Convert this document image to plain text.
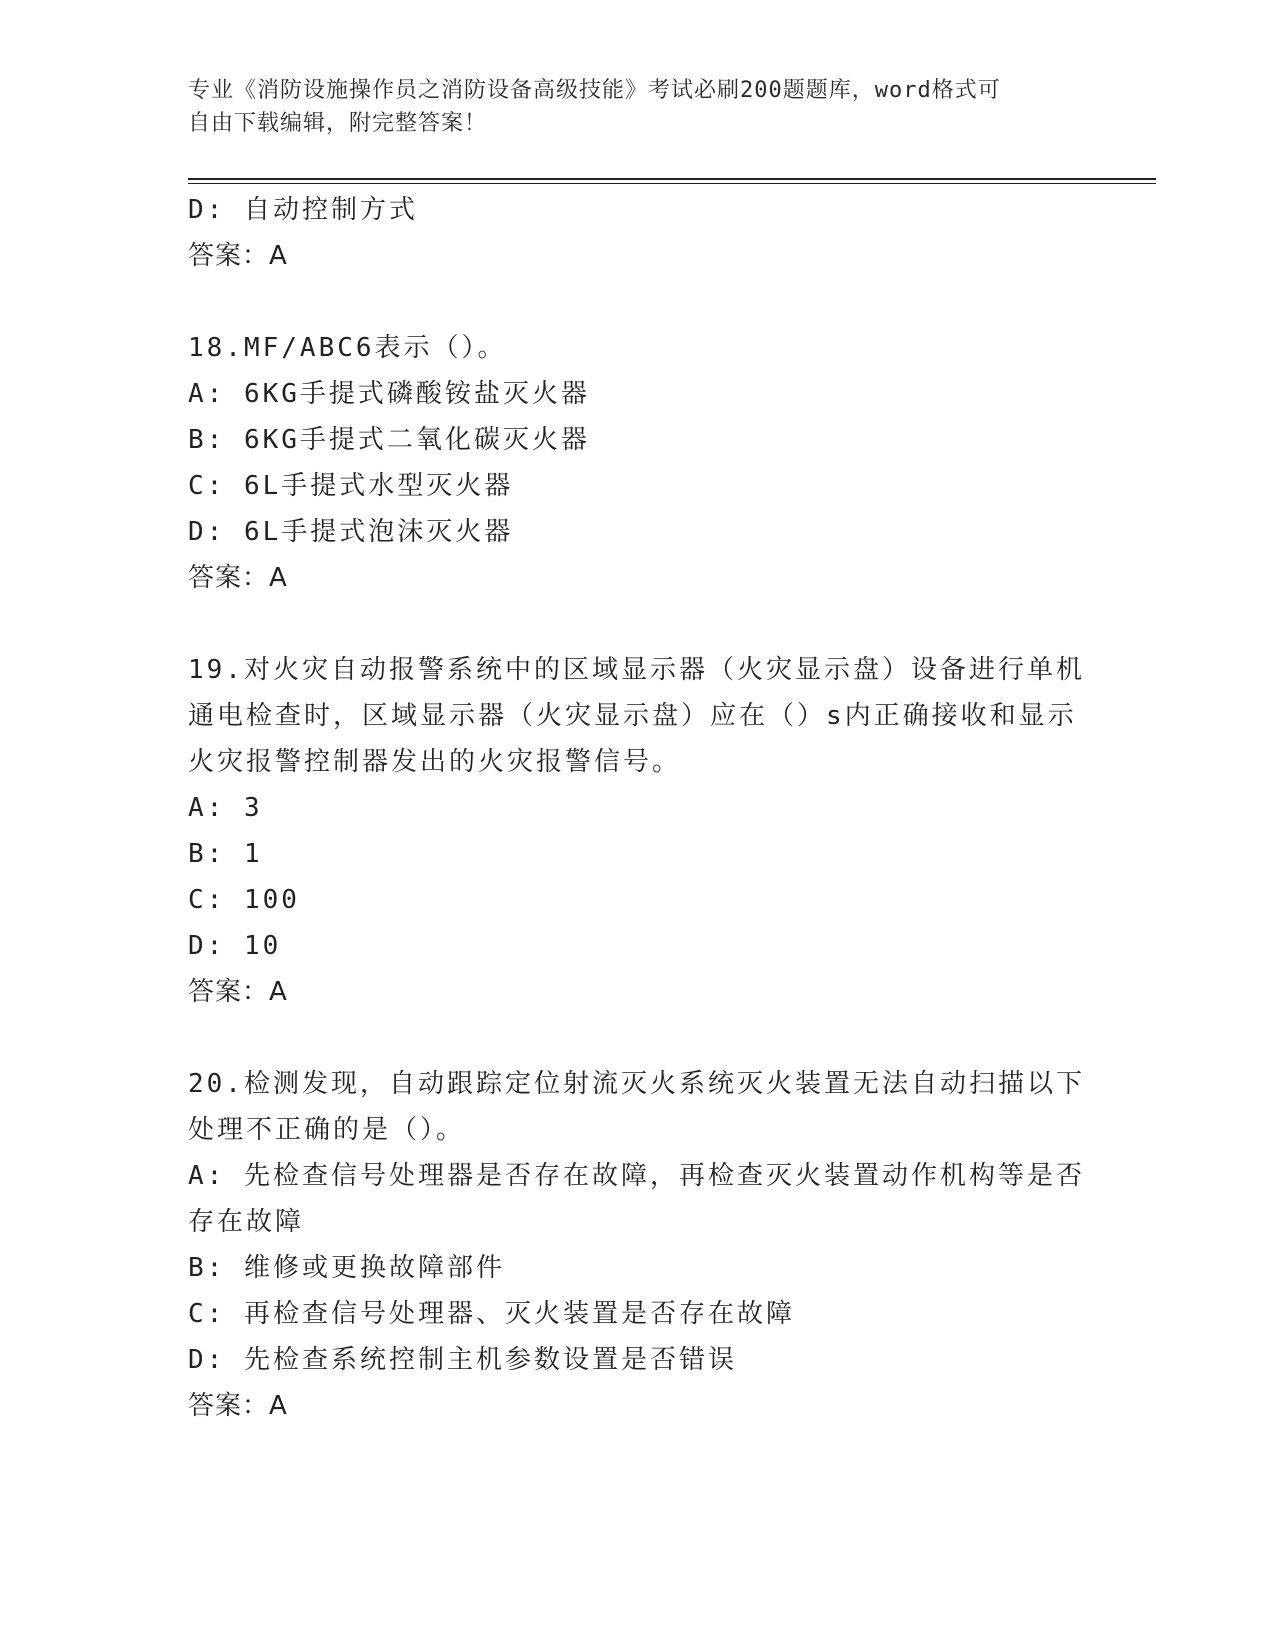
专业《消防设施操作员之消防设备高级技能》考试必刷200题题库，word格式可
自由下载编辑，附完整答案！
D: 自动控制方式
答案：A
18.MF/ABC6表示（）。
A: 6KG手提式磷酸铵盐灭火器
B: 6KG手提式二氧化碳灭火器
C: 6L手提式水型灭火器
D: 6L手提式泡沫灭火器
答案：A
19.对火灾自动报警系统中的区域显示器（火灾显示盘）设备进行单机通电检查时，区域显示器（火灾显示盘）应在（）s内正确接收和显示火灾报警控制器发出的火灾报警信号。
A: 3
B: 1
C: 100
D: 10
答案：A
20.检测发现，自动跟踪定位射流灭火系统灭火装置无法自动扫描以下处理不正确的是（）。
A: 先检查信号处理器是否存在故障，再检查灭火装置动作机构等是否存在故障
B: 维修或更换故障部件
C: 再检查信号处理器、灭火装置是否存在故障
D: 先检查系统控制主机参数设置是否错误
答案：A
